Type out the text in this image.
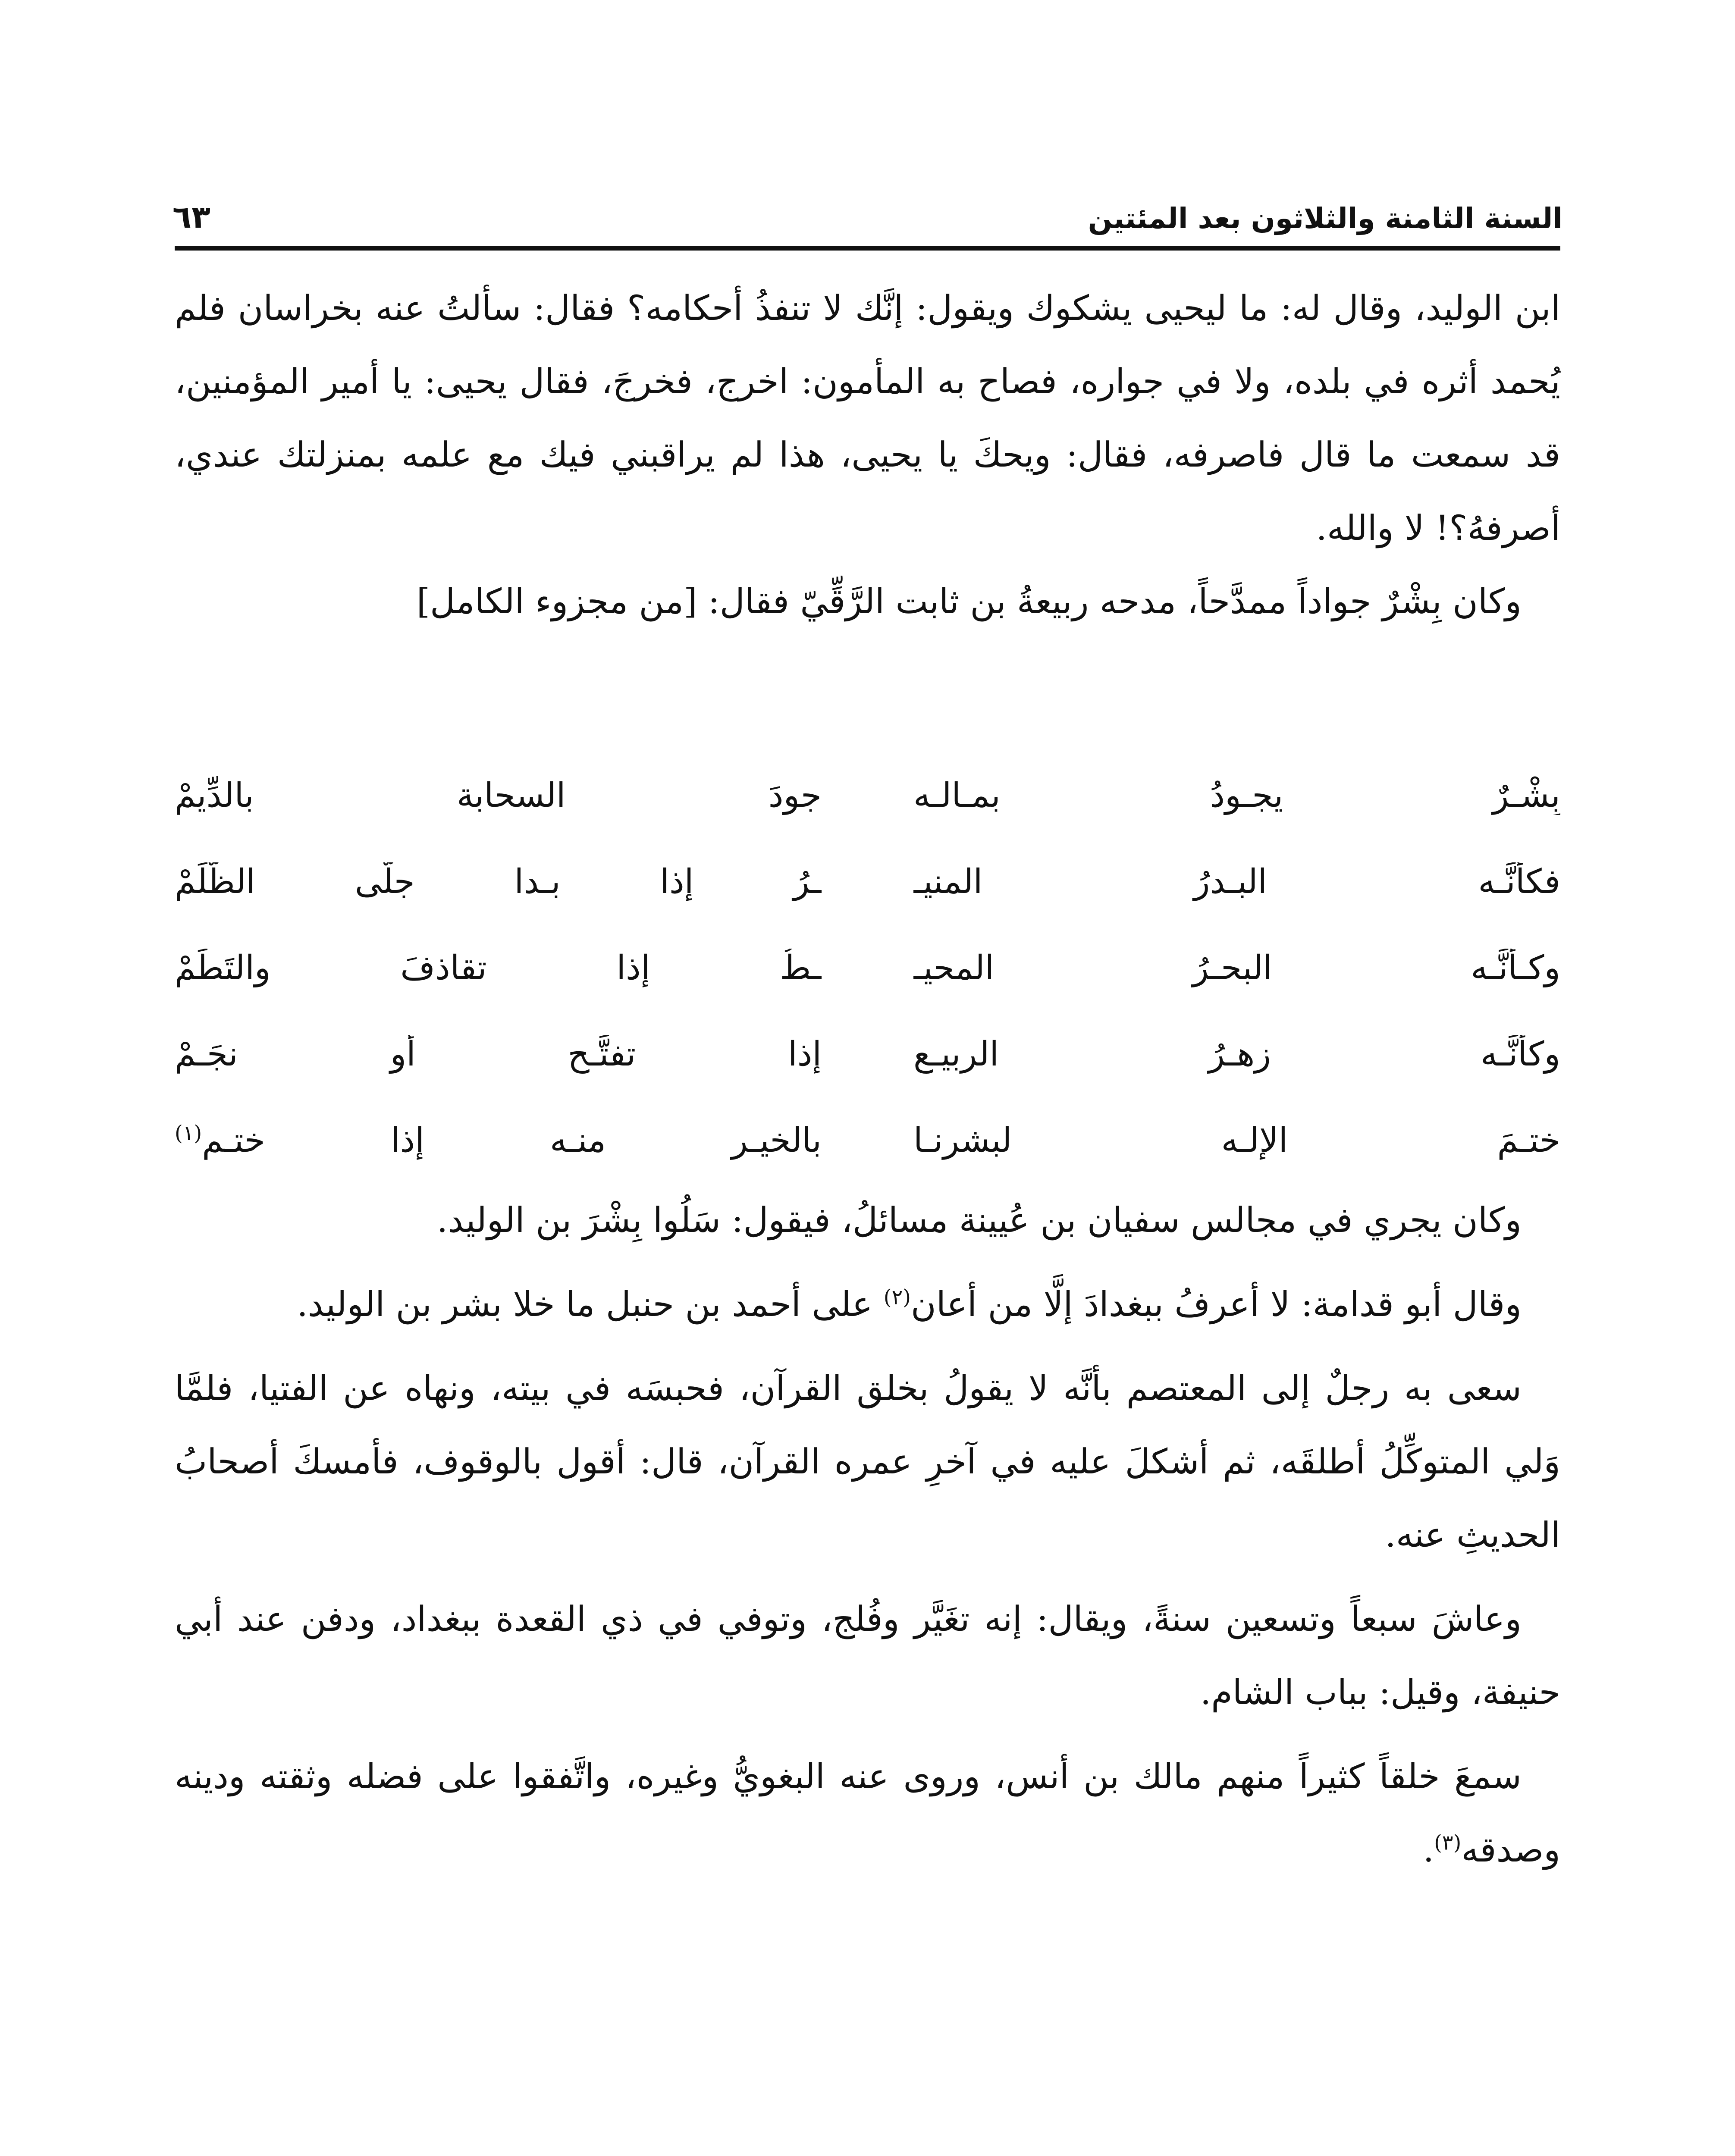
السنة الثامنة والثلاثون بعد المئتين
٦٣

ابن الوليد، وقال له: ما ليحيى يشكوك ويقول: إنَّك لا تنفذُ أحكامه؟ فقال: سألتُ عنه بخراسان فلم يُحمد أثره في بلده، ولا في جواره، فصاح به المأمون: اخرج، فخرجَ، فقال يحيى: يا أمير المؤمنين، قد سمعت ما قال فاصرفه، فقال: ويحكَ يا يحيى، هذا لم يراقبني فيك مع علمه بمنزلتك عندي، أصرفهُ؟! لا والله.

وكان بِشْرٌ جواداً ممدَّحاً، مدحه ربيعةُ بن ثابت الرَّقِّيّ فقال: [من مجزوء الكامل]

بِشْـرٌ يجـودُ بمـالـه
جودَ السحابة بالدِّيمْ
فكأنَّـه البـدرُ المنيـ
ـرُ إذا بـدا جلَّى الظُّلَمْ
وكـأنَّـه البحـرُ المحيـ
ـطُ إذا تقاذفَ والتَطَمْ
وكأنَّـه زهـرُ الربيـع
إذا تفتَّـح أو نجَـمْ
ختـمَ الإلـه لبشرنـا
بالخيـر منـه إذا ختـم$^{(١)}$

وكان يجري في مجالس سفيان بن عُيينة مسائلُ، فيقول: سَلُوا بِشْرَ بن الوليد.

وقال أبو قدامة: لا أعرفُ ببغدادَ إلَّا من أعان$^{(٢)}$ على أحمد بن حنبل ما خلا بشر بن الوليد.

سعى به رجلٌ إلى المعتصم بأنَّه لا يقولُ بخلق القرآن، فحبسَه في بيته، ونهاه عن الفتيا، فلمَّا وَلي المتوكِّلُ أطلقَه، ثم أشكلَ عليه في آخرِ عمره القرآن، قال: أقول بالوقوف، فأمسكَ أصحابُ الحديثِ عنه.

وعاشَ سبعاً وتسعين سنةً، ويقال: إنه تغَيَّر وفُلج، وتوفي في ذي القعدة ببغداد، ودفن عند أبي حنيفة، وقيل: بباب الشام.

سمعَ خلقاً كثيراً منهم مالك بن أنس، وروى عنه البغويُّ وغيره، واتَّفقوا على فضله وثقته ودينه وصدقه$^{(٣)}$.
